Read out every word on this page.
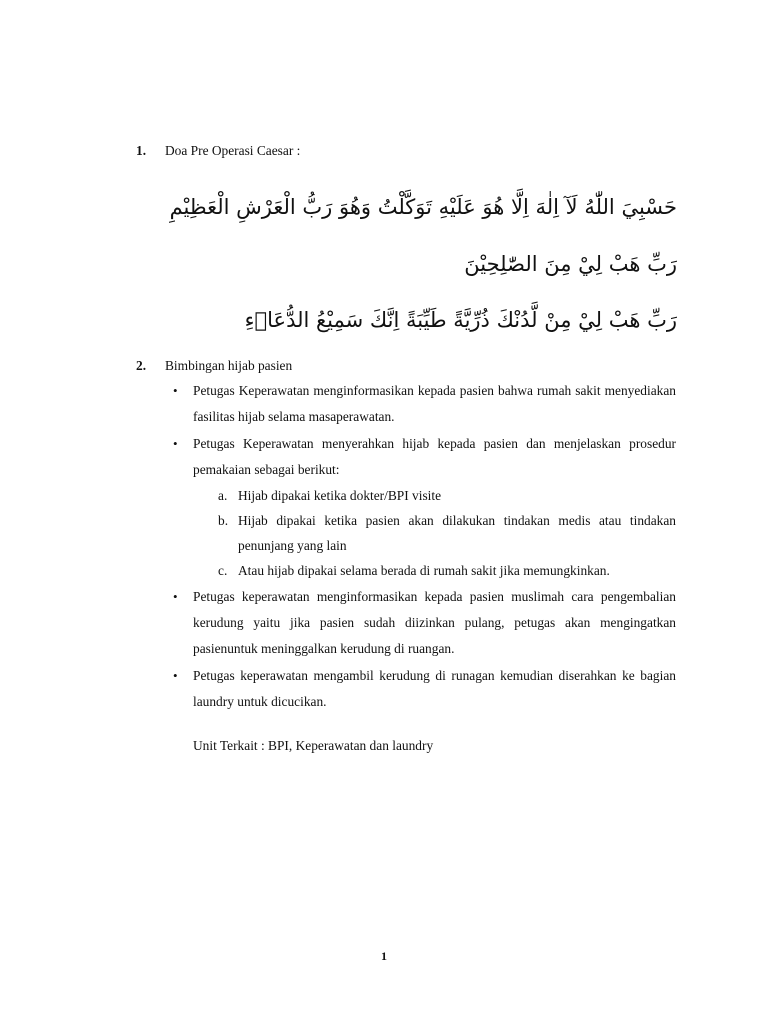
1.	Doa Pre Operasi Caesar :
حَسْبِيَ اللّٰهُ لَآ اِلٰهَ اِلَّا هُوَ عَلَيْهِ تَوَكَّلْتُ وَهُوَ رَبُّ الْعَرْشِ الْعَظِيْمِ
رَبِّ هَبْ لِيْ مِنَ الصّٰلِحِيْنَ
رَبِّ هَبْ لِيْ مِنْ لَّدُنْكَ ذُرِّيَّةً طَيِّبَةً اِنَّكَ سَمِيْعُ الدُّعَاۤءِ
2.	Bimbingan hijab pasien
• Petugas Keperawatan menginformasikan kepada pasien bahwa rumah sakit menyediakan fasilitas hijab selama masaperawatan.
• Petugas Keperawatan menyerahkan hijab kepada pasien dan menjelaskan prosedur pemakaian sebagai berikut:
a. Hijab dipakai ketika dokter/BPI visite
b. Hijab dipakai ketika pasien akan dilakukan tindakan medis atau tindakan penunjang yang lain
c. Atau hijab dipakai selama berada di rumah sakit jika memungkinkan.
• Petugas keperawatan menginformasikan kepada pasien muslimah cara pengembalian kerudung yaitu jika pasien sudah diizinkan pulang, petugas akan mengingatkan pasienuntuk meninggalkan kerudung di ruangan.
• Petugas keperawatan mengambil kerudung di runagan kemudian diserahkan ke bagian laundry untuk dicucikan.
Unit Terkait : BPI, Keperawatan dan laundry
1
